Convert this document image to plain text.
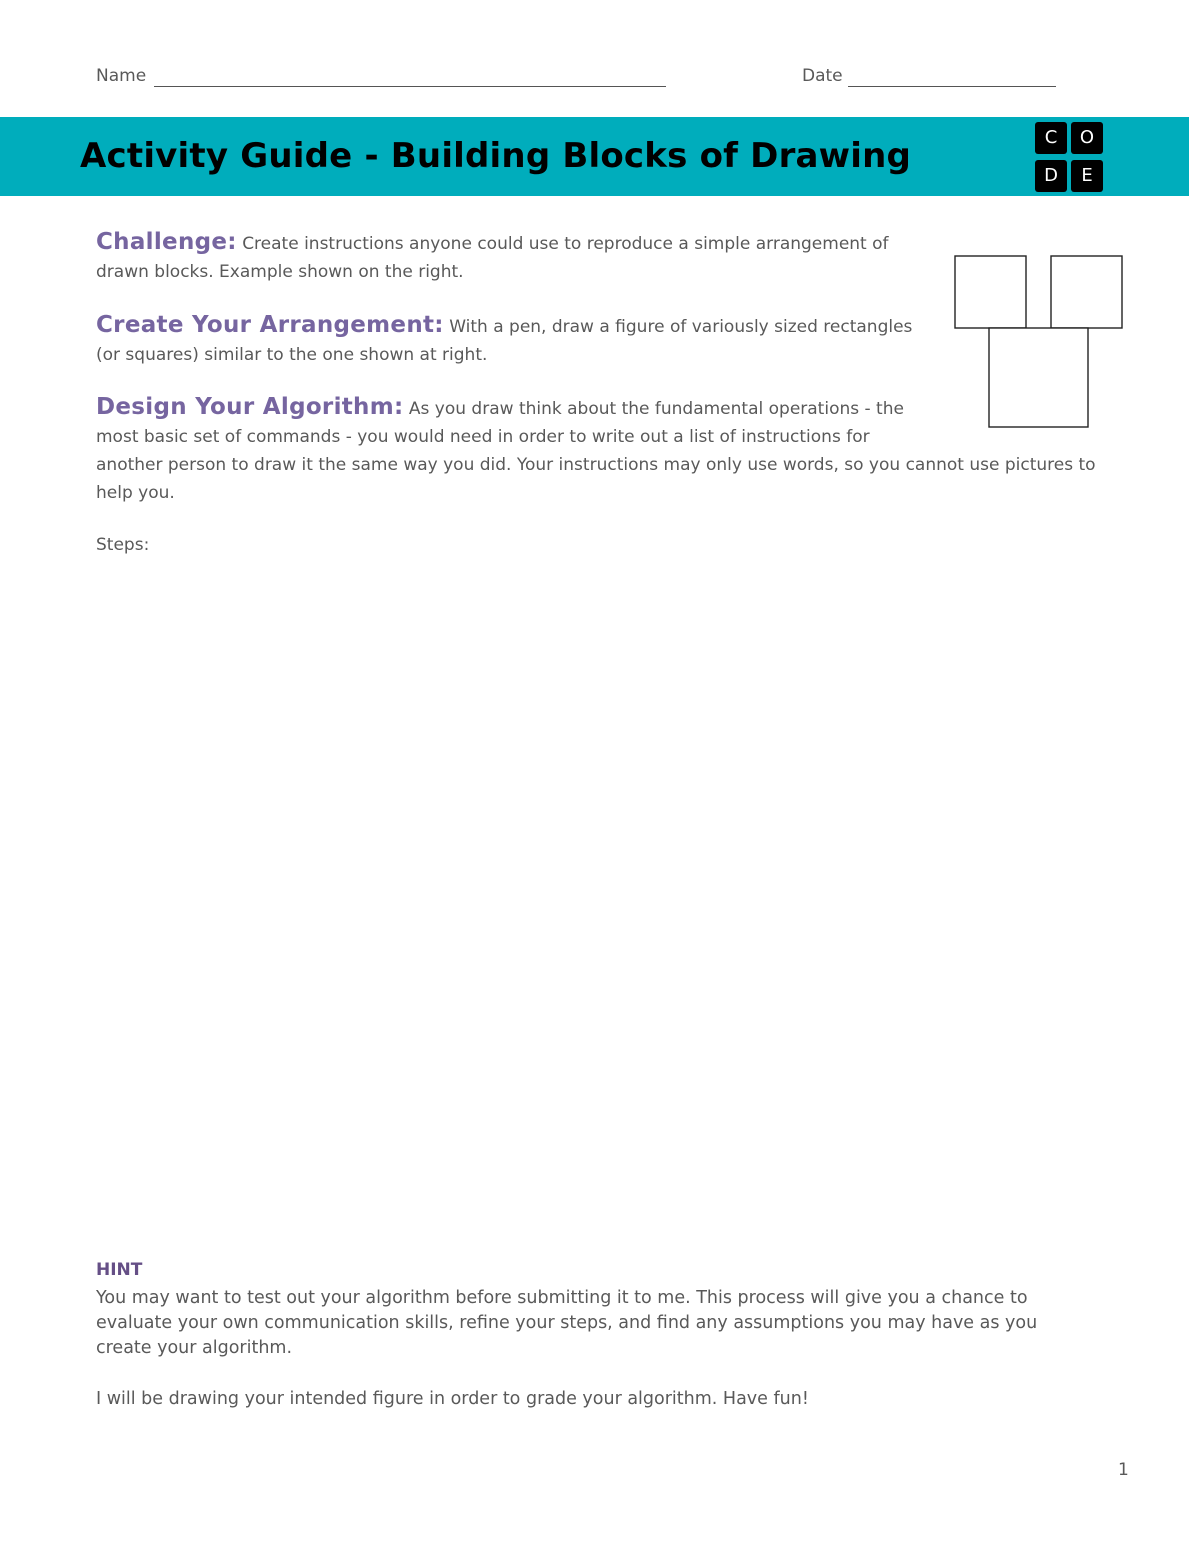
Name	Date
Activity Guide - Building Blocks of Drawing	C	O
D	E
Challenge: Create instructions anyone could use to reproduce a simple arrangement of drawn blocks. Example shown on the right.
Create Your Arrangement: With a pen, draw a figure of variously sized rectangles (or squares) similar to the one shown at right.
Design Your Algorithm: As you draw think about the fundamental operations - the
most basic set of commands - you would need in order to write out a list of instructions for
another person to draw it the same way you did. Your instructions may only use words, so you cannot use pictures to
help you.
Steps:
HINT
You may want to test out your algorithm before submitting it to me. This process will give you a chance to evaluate your own communication skills, refine your steps, and find any assumptions you may have as you create your algorithm.
I will be drawing your intended figure in order to grade your algorithm. Have fun!
1
